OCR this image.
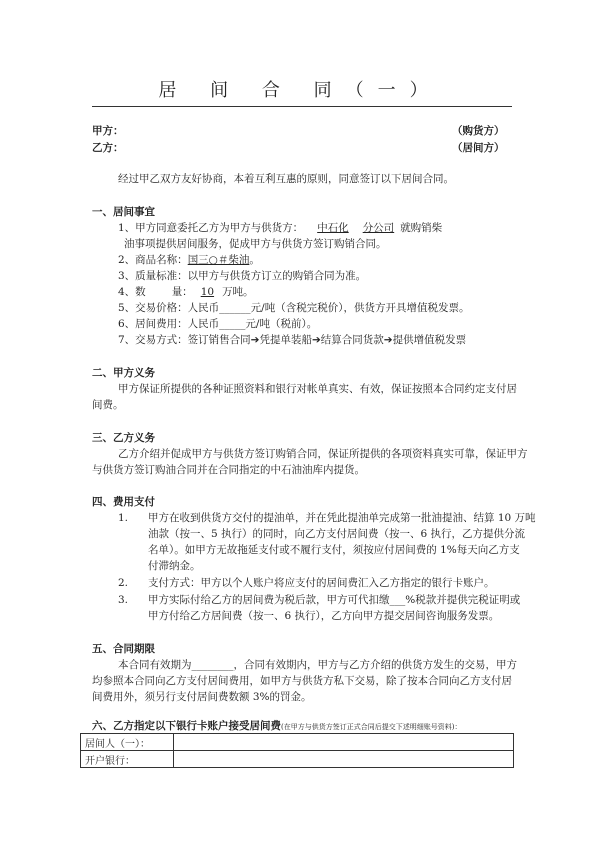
居 间 合 同（一）
甲方：	（购货方）
乙方：	（居间方）
经过甲乙双方友好协商，本着互利互惠的原则，同意签订以下居间合同。
一、居间事宜
1、甲方同意委托乙方为甲方与供货方： 中石化 分公司 就购销柴
油事项提供居间服务，促成甲方与供货方签订购销合同。
2、商品名称：国三○＃柴油。
3、质量标准：以甲方与供货方订立的购销合同为准。
4、数 量： 10 万吨。
5、交易价格：人民币______元/吨（含税完税价），供货方开具增值税发票。
6、居间费用：人民币_____元/吨（税前）。
7、交易方式：签订销售合同➔凭提单装船➔结算合同货款➔提供增值税发票
二、甲方义务
甲方保证所提供的各种证照资料和银行对帐单真实、有效，保证按照本合同约定支付居
间费。
三、乙方义务
乙方介绍并促成甲方与供货方签订购销合同，保证所提供的各项资料真实可靠，保证甲方
与供货方签订购油合同并在合同指定的中石油油库内提货。
四、费用支付
1. 甲方在收到供货方交付的提油单，并在凭此提油单完成第一批油提油、结算 10 万吨
油款（按一、5 执行）的同时，向乙方支付居间费（按一、6 执行，乙方提供分流
名单）。如甲方无故拖延支付或不履行支付，须按应付居间费的 1%每天向乙方支
付滞纳金。
2. 支付方式：甲方以个人账户将应支付的居间费汇入乙方指定的银行卡账户。
3. 甲方实际付给乙方的居间费为税后款，甲方可代扣缴___%税款并提供完税证明或
甲方付给乙方居间费（按一、6 执行），乙方向甲方提交居间咨询服务发票。
五、合同期限
本合同有效期为________，合同有效期内，甲方与乙方介绍的供货方发生的交易，甲方
均参照本合同向乙方支付居间费用，如甲方与供货方私下交易，除了按本合同向乙方支付居
间费用外，须另行支付居间费数额 3%的罚金。
六、乙方指定以下银行卡账户接受居间费(在甲方与供货方签订正式合同后提交下述明细账号资料)：
居间人（一）：	
开户银行：	
